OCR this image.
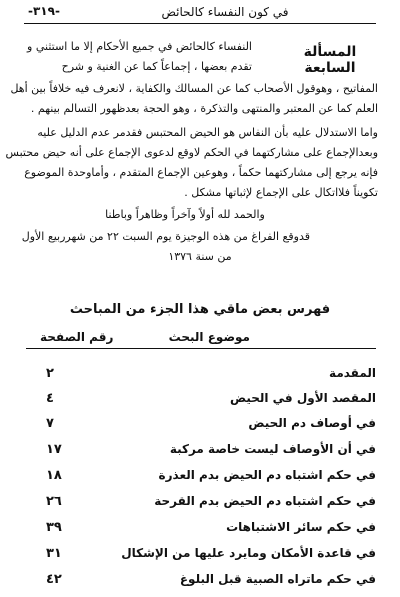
في كون النفساء كالحائض
-٣١٩-
المسألة السابعة
النفساء كالحائض في جميع الأحكام إلا ما استثني و
تقدم بعضها ، إجماعاً كما عن الغنية و شرح
المفاتيح ، وهوقول الأصحاب كما عن المسالك والكفاية ، لانعرف فيه خلافاً بين أهل
العلم كما عن المعتبر والمنتهى والتذكرة ، وهو الحجة بعدظهور التسالم بينهم .
واما الاستدلال عليه بأن النفاس هو الحيض المحتبس فقدمر عدم الدليل عليه
وبعدالإجماع على مشاركتهما في الحكم لاوقع لدعوى الإجماع على أنه حيض محتبس
فإنه يرجع إلى مشاركتهما حكماً ، وهوعين الإجماع المتقدم ، وأماوحدة الموضوع
تكويناً فلااتكال على الإجماع لإثباتها مشكل .
والحمد لله أولاً وآخراً وظاهراً وباطنا
قدوقع الفراغ من هذه الوجيزة يوم السبت ٢٢ من شهرربيع الأول
من سنة ١٣٧٦
فهرس بعض ماقي هذا الجزء من المباحث
موضوع البحث
رقم الصفحة
المقدمة
٢
المقصد الأول في الحيض
٤
في أوصاف دم الحيض
٧
في أن الأوصاف ليست خاصة مركبة
١٧
في حكم اشتباه دم الحيض بدم العذرة
١٨
في حكم اشتباه دم الحيض بدم القرحة
٢٦
في حكم سائر الاشتباهات
٣٩
في قاعدة الأمكان ومايرد عليها من الإشكال
٣١
في حكم ماتراه الصبية قبل البلوغ
٤٢
